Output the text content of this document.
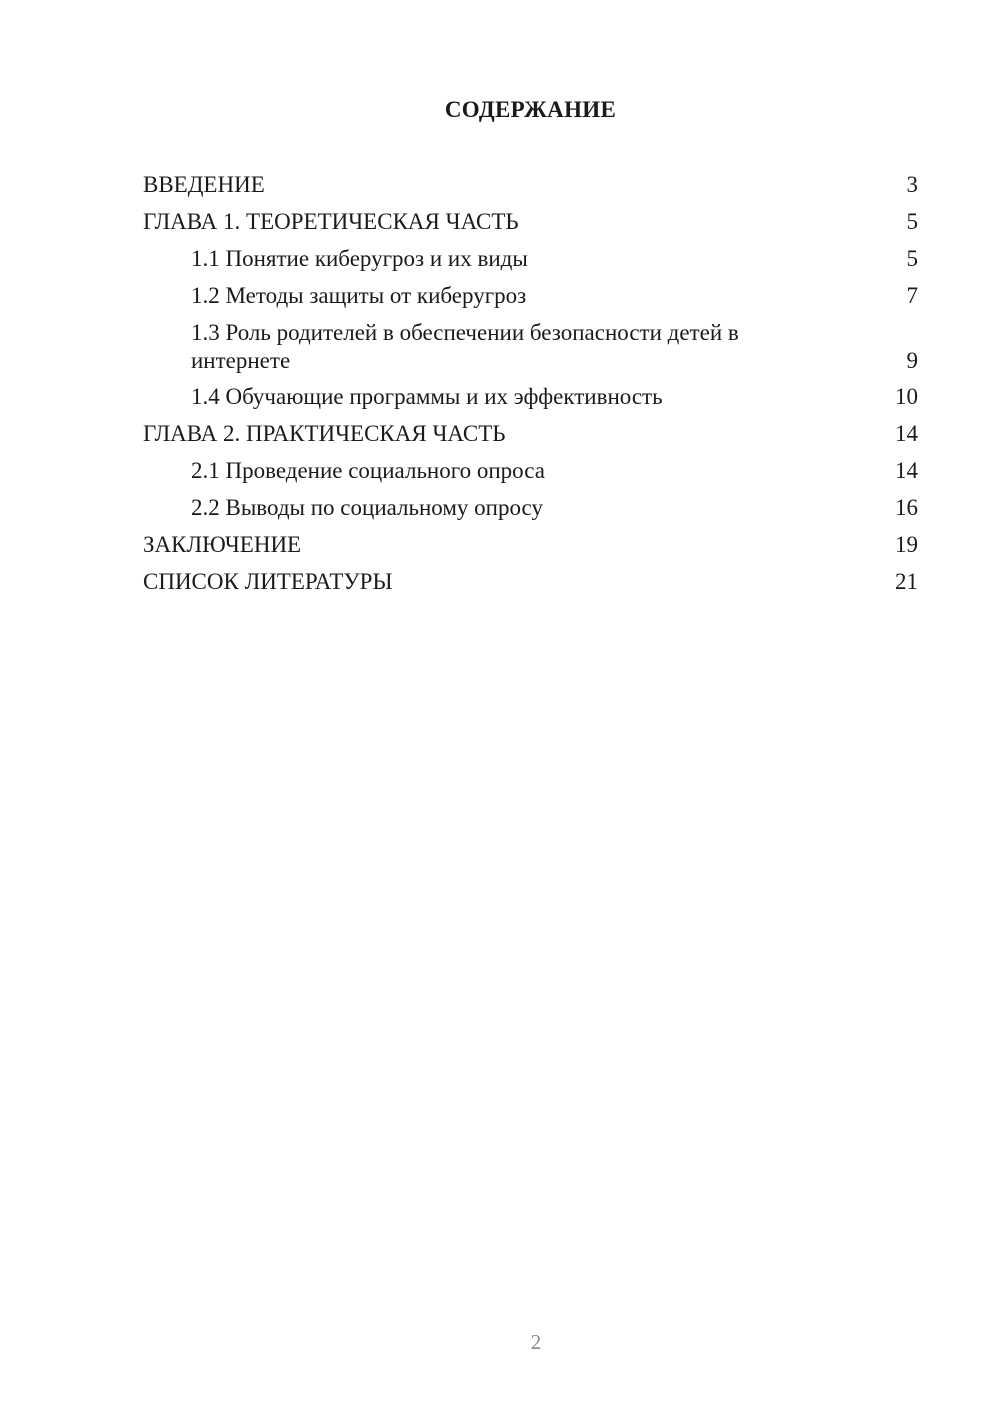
СОДЕРЖАНИЕ
ВВЕДЕНИЕ	3
ГЛАВА 1. ТЕОРЕТИЧЕСКАЯ ЧАСТЬ	5
1.1 Понятие киберугроз и их виды	5
1.2 Методы защиты от киберугроз	7
1.3 Роль родителей в обеспечении безопасности детей в интернете	9
1.4 Обучающие программы и их эффективность	10
ГЛАВА 2. ПРАКТИЧЕСКАЯ ЧАСТЬ	14
2.1 Проведение социального опроса	14
2.2 Выводы по социальному опросу	16
ЗАКЛЮЧЕНИЕ	19
СПИСОК ЛИТЕРАТУРЫ	21
2
